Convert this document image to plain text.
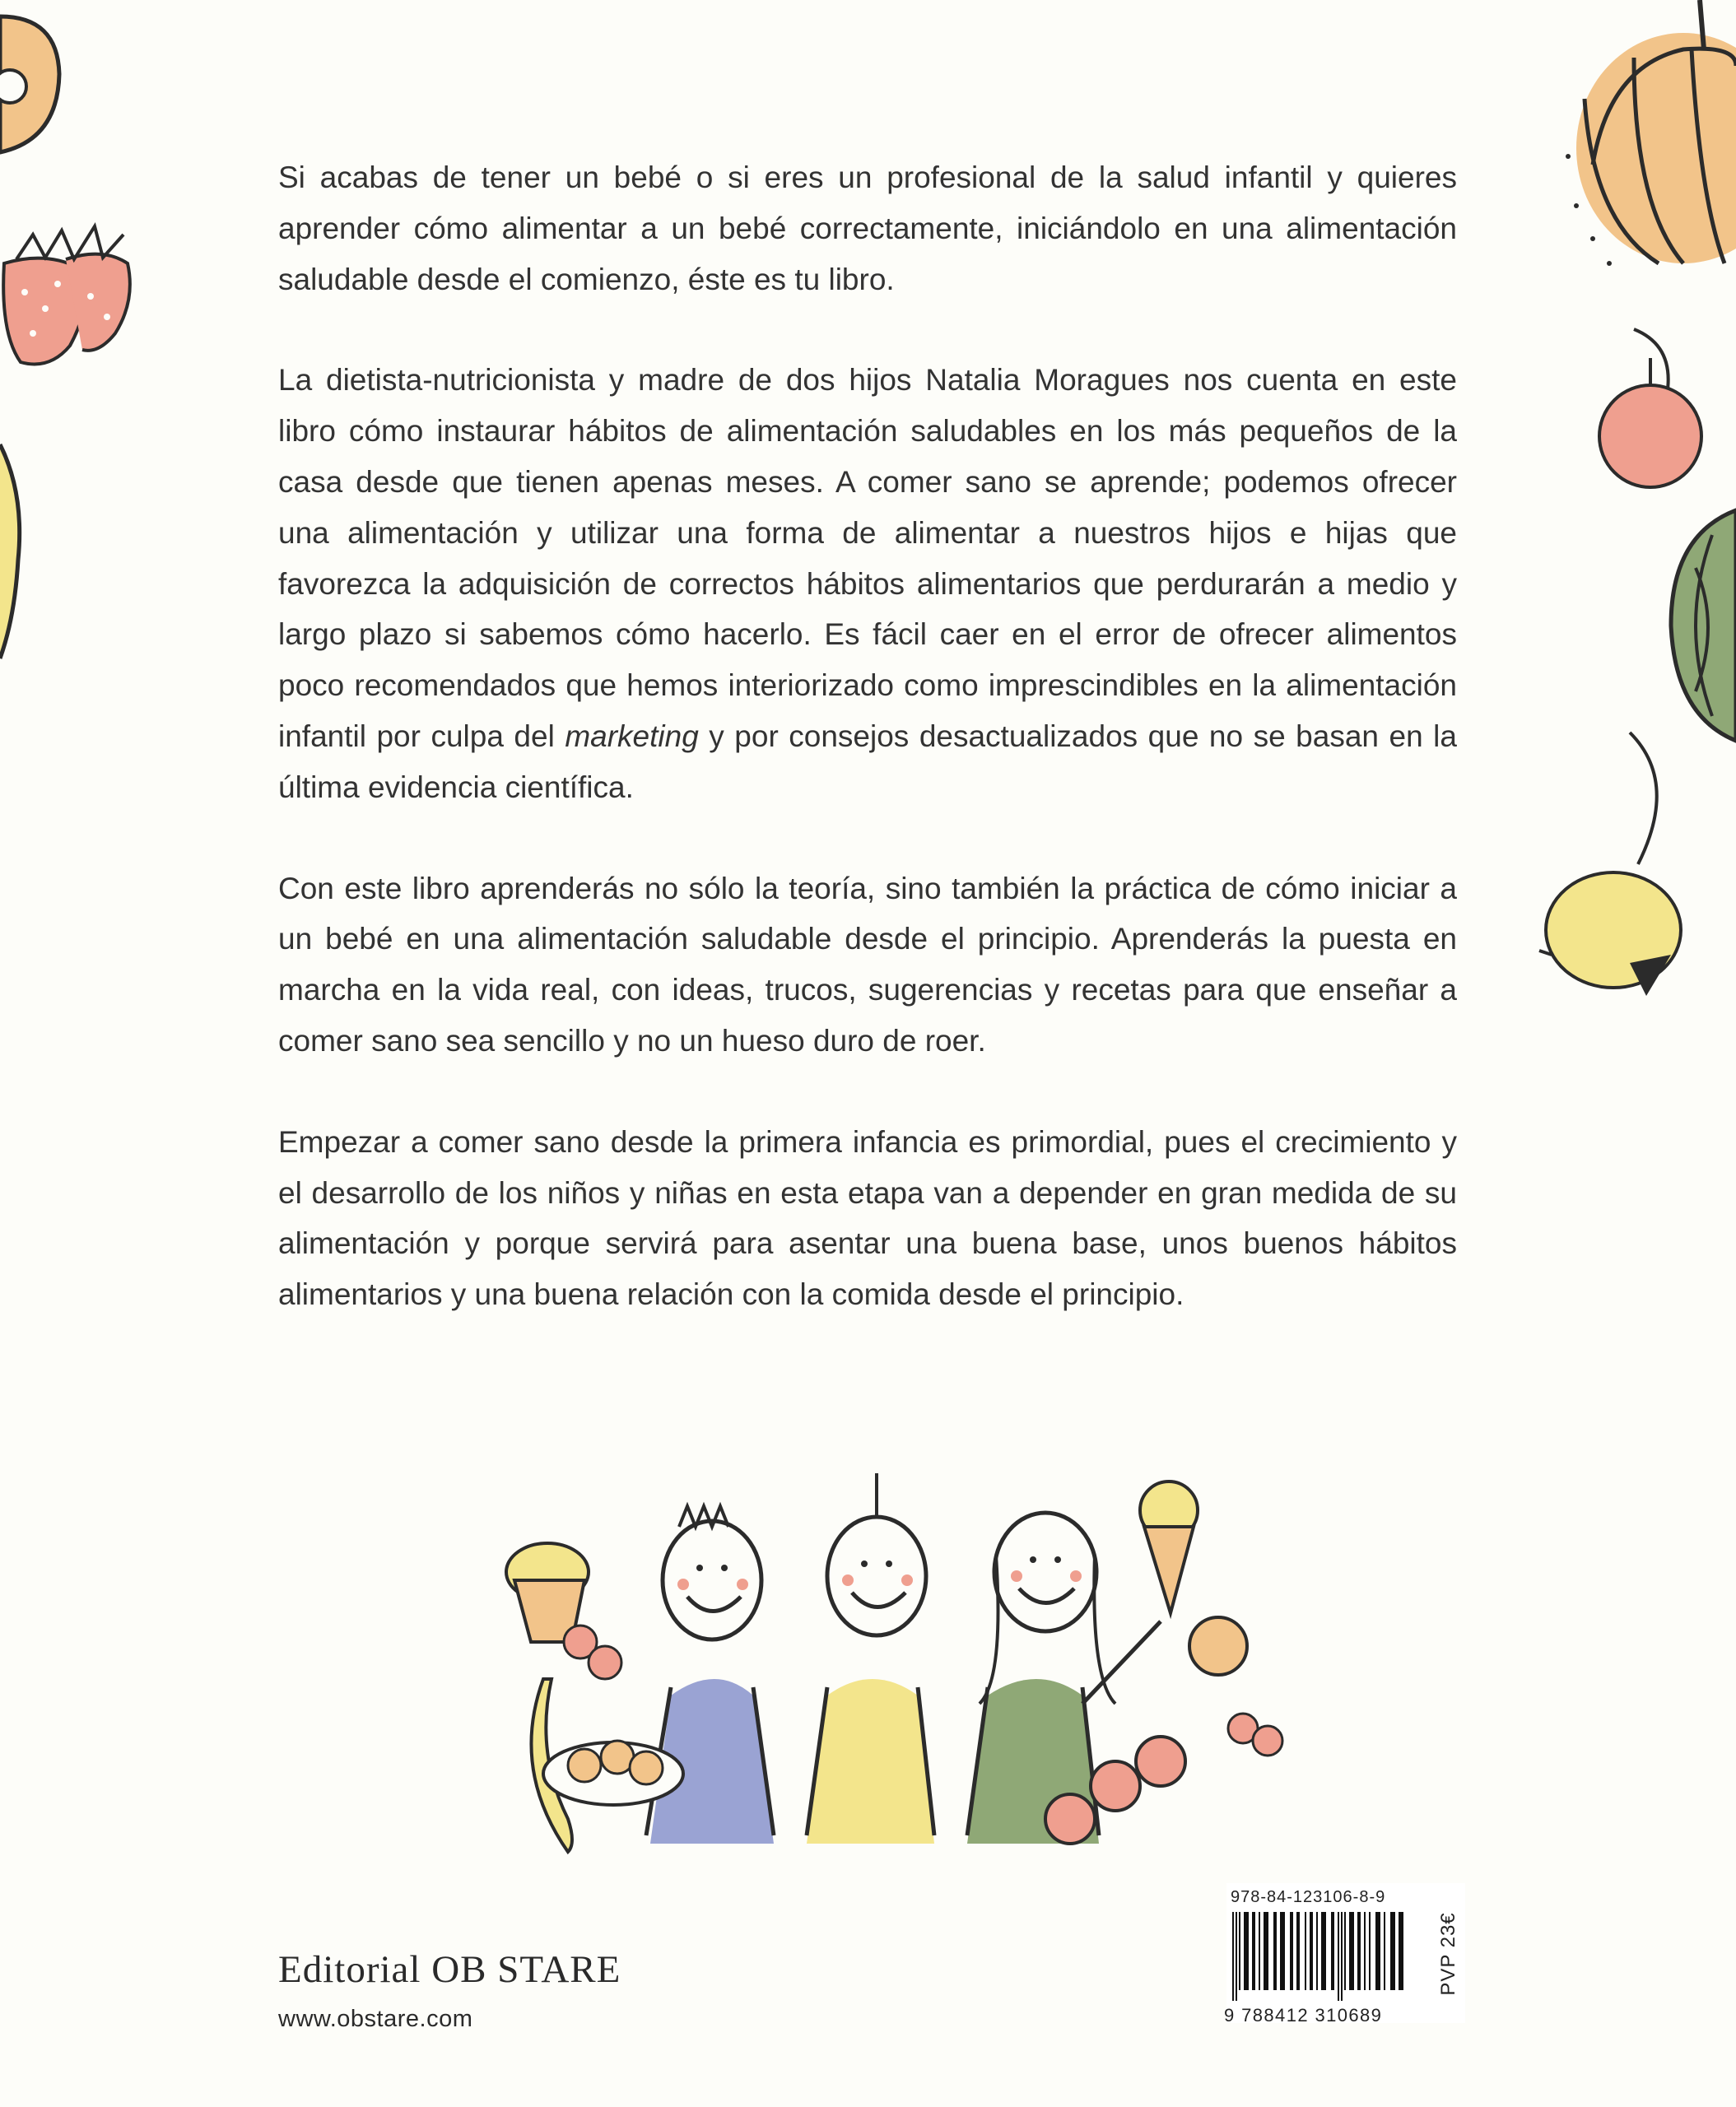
Si acabas de tener un bebé o si eres un profesional de la salud infantil y quieres aprender cómo alimentar a un bebé correctamente, iniciándolo en una alimentación saludable desde el comienzo, éste es tu libro.

La dietista-nutricionista y madre de dos hijos Natalia Moragues nos cuenta en este libro cómo instaurar hábitos de alimentación saludables en los más pequeños de la casa desde que tienen apenas meses. A comer sano se aprende; podemos ofrecer una alimentación y utilizar una forma de alimentar a nuestros hijos e hijas que favorezca la adquisición de correctos hábitos alimentarios que perdurarán a medio y largo plazo si sabemos cómo hacerlo. Es fácil caer en el error de ofrecer alimentos poco recomendados que hemos interiorizado como imprescindibles en la alimentación infantil por culpa del marketing y por consejos desactualizados que no se basan en la última evidencia científica.

Con este libro aprenderás no sólo la teoría, sino también la práctica de cómo iniciar a un bebé en una alimentación saludable desde el principio. Aprenderás la puesta en marcha en la vida real, con ideas, trucos, sugerencias y recetas para que enseñar a comer sano sea sencillo y no un hueso duro de roer.

Empezar a comer sano desde la primera infancia es primordial, pues el crecimiento y el desarrollo de los niños y niñas en esta etapa van a depender en gran medida de su alimentación y porque servirá para asentar una buena base, unos buenos hábitos alimentarios y una buena relación con la comida desde el principio.

Editorial OB STARE
www.obstare.com
978-84-123106-8-9
9 788412 310689
PVP 23€
